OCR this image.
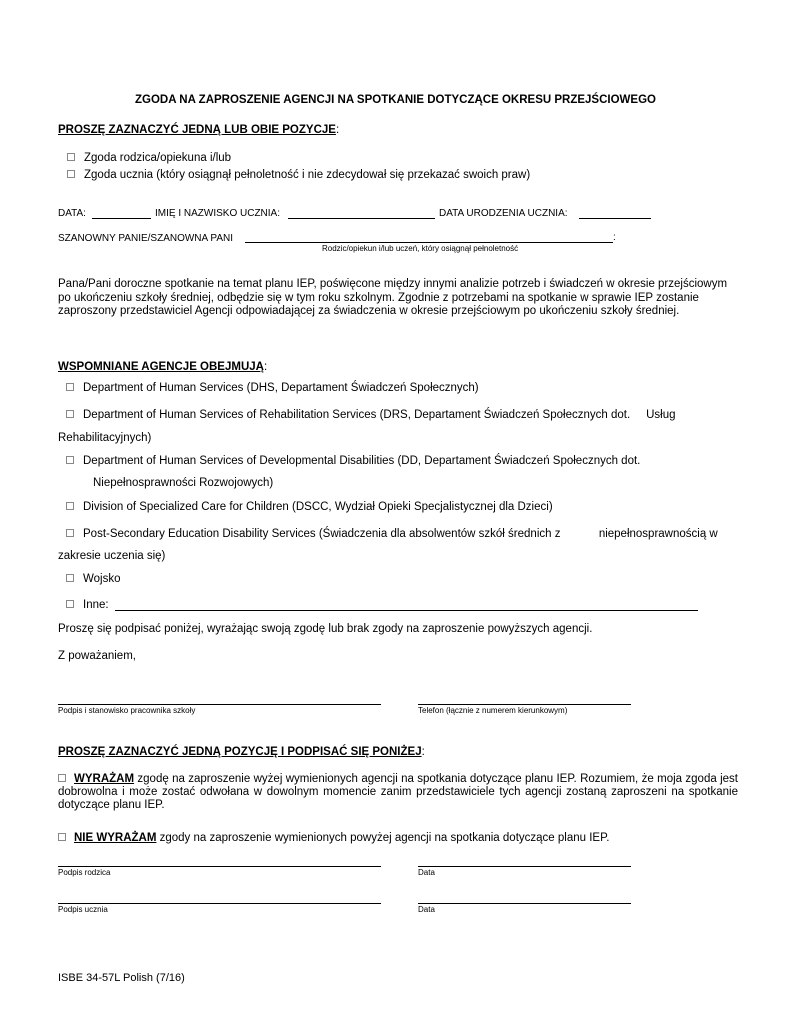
ZGODA NA ZAPROSZENIE AGENCJI NA SPOTKANIE DOTYCZĄCE OKRESU PRZEJŚCIOWEGO
PROSZĘ ZAZNACZYĆ JEDNĄ LUB OBIE POZYCJE:
Zgoda rodzica/opiekuna i/lub
Zgoda ucznia (który osiągnął pełnoletność i nie zdecydował się przekazać swoich praw)
DATA:	IMIĘ I NAZWISKO UCZNIA:	DATA URODZENIA UCZNIA:
SZANOWNY PANIE/SZANOWNA PANI	:
Rodzic/opiekun i/lub uczeń, który osiągnął pełnoletność
Pana/Pani doroczne spotkanie na temat planu IEP, poświęcone między innymi analizie potrzeb i świadczeń w okresie przejściowym po ukończeniu szkoły średniej, odbędzie się w tym roku szkolnym. Zgodnie z potrzebami na spotkanie w sprawie IEP zostanie zaproszony przedstawiciel Agencji odpowiadającej za świadczenia w okresie przejściowym po ukończeniu szkoły średniej.
WSPOMNIANE AGENCJE OBEJMUJĄ:
Department of Human Services (DHS, Departament Świadczeń Społecznych)
Department of Human Services of Rehabilitation Services (DRS, Departament Świadczeń Społecznych dot.     Usług
Rehabilitacyjnych)
Department of Human Services of Developmental Disabilities (DD, Departament Świadczeń Społecznych dot.
Niepełnosprawności Rozwojowych)
Division of Specialized Care for Children (DSCC, Wydział Opieki Specjalistycznej dla Dzieci)
Post-Secondary Education Disability Services (Świadczenia dla absolwentów szkół średnich z            niepełnosprawnością w
zakresie uczenia się)
Wojsko
Inne:
Proszę się podpisać poniżej, wyrażając swoją zgodę lub brak zgody na zaproszenie powyższych agencji.
Z poważaniem,
Podpis i stanowisko pracownika szkoły	Telefon (łącznie z numerem kierunkowym)
PROSZĘ ZAZNACZYĆ JEDNĄ POZYCJĘ I PODPISAĆ SIĘ PONIŻEJ:
WYRAŻAM zgodę na zaproszenie wyżej wymienionych agencji na spotkania dotyczące planu IEP. Rozumiem, że moja zgoda jest dobrowolna i może zostać odwołana w dowolnym momencie zanim przedstawiciele tych agencji zostaną zaproszeni na spotkanie dotyczące planu IEP.
NIE WYRAŻAM zgody na zaproszenie wymienionych powyżej agencji na spotkania dotyczące planu IEP.
Podpis rodzica	Data
Podpis ucznia	Data
ISBE 34-57L Polish (7/16)
